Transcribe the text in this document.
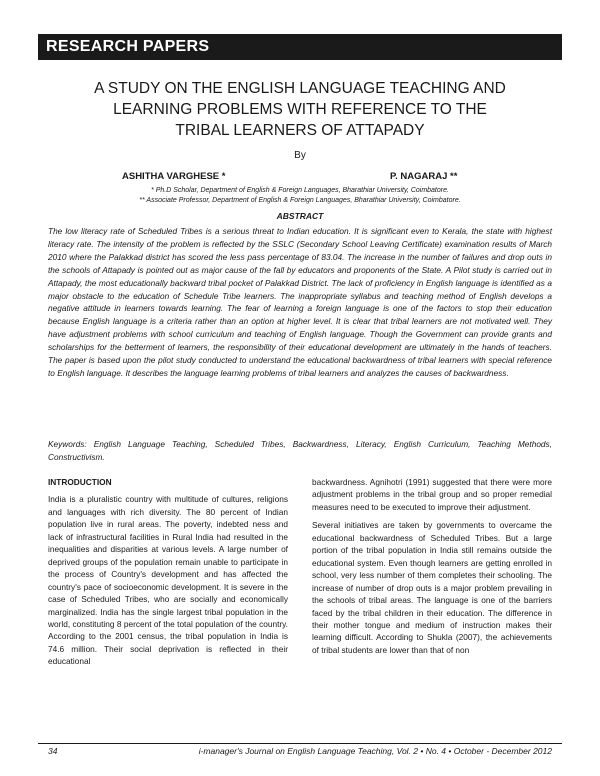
RESEARCH PAPERS
A STUDY ON THE ENGLISH LANGUAGE TEACHING AND
LEARNING PROBLEMS WITH REFERENCE TO THE
TRIBAL LEARNERS OF ATTAPADY
By
ASHITHA VARGHESE *	P. NAGARAJ **
* Ph.D Scholar, Department of English & Foreign Languages, Bharathiar University, Coimbatore.
** Associate Professor, Department of English & Foreign Languages, Bharathiar University, Coimbatore.
ABSTRACT
The low literacy rate of Scheduled Tribes is a serious threat to Indian education. It is significant even to Kerala, the state with highest literacy rate. The intensity of the problem is reflected by the SSLC (Secondary School Leaving Certificate) examination results of March 2010 where the Palakkad district has scored the less pass percentage of 83.04. The increase in the number of failures and drop outs in the schools of Attapady is pointed out as major cause of the fall by educators and proponents of the State. A Pilot study is carried out in Attapady, the most educationally backward tribal pocket of Palakkad District. The lack of proficiency in English language is identified as a major obstacle to the education of Schedule Tribe learners. The inappropriate syllabus and teaching method of English develops a negative attitude in learners towards learning. The fear of learning a foreign language is one of the factors to stop their education because English language is a criteria rather than an option at higher level. It is clear that tribal learners are not motivated well. They have adjustment problems with school curriculum and teaching of English language. Though the Government can provide grants and scholarships for the betterment of learners, the responsibility of their educational development are ultimately in the hands of teachers. The paper is based upon the pilot study conducted to understand the educational backwardness of tribal learners with special reference to English language. It describes the language learning problems of tribal learners and analyzes the causes of backwardness.
Keywords: English Language Teaching, Scheduled Tribes, Backwardness, Literacy, English Curriculum, Teaching Methods, Constructivism.
INTRODUCTION

India is a pluralistic country with multitude of cultures, religions and languages with rich diversity. The 80 percent of Indian population live in rural areas. The poverty, indebted ness and lack of infrastructural facilities in Rural India had resulted in the inequalities and disparities at various levels. A large number of deprived groups of the population remain unable to participate in the process of Country's development and has affected the country's pace of socioeconomic development. It is severe in the case of Scheduled Tribes, who are socially and economically marginalized. India has the single largest tribal population in the world, constituting 8 percent of the total population of the country. According to the 2001 census, the tribal population in India is 74.6 million. Their social deprivation is reflected in their educational

backwardness. Agnihotri (1991) suggested that there were more adjustment problems in the tribal group and so proper remedial measures need to be executed to improve their adjustment.

Several initiatives are taken by governments to overcame the educational backwardness of Scheduled Tribes. But a large portion of the tribal population in India still remains outside the educational system. Even though learners are getting enrolled in school, very less number of them completes their schooling. The increase of number of drop outs is a major problem prevailing in the schools of tribal areas. The language is one of the barriers faced by the tribal children in their education. The difference in their mother tongue and medium of instruction makes their learning difficult. According to Shukla (2007), the achievements of tribal students are lower than that of non

34	i-manager's Journal on English Language Teaching, Vol. 2 • No. 4 • October - December 2012
